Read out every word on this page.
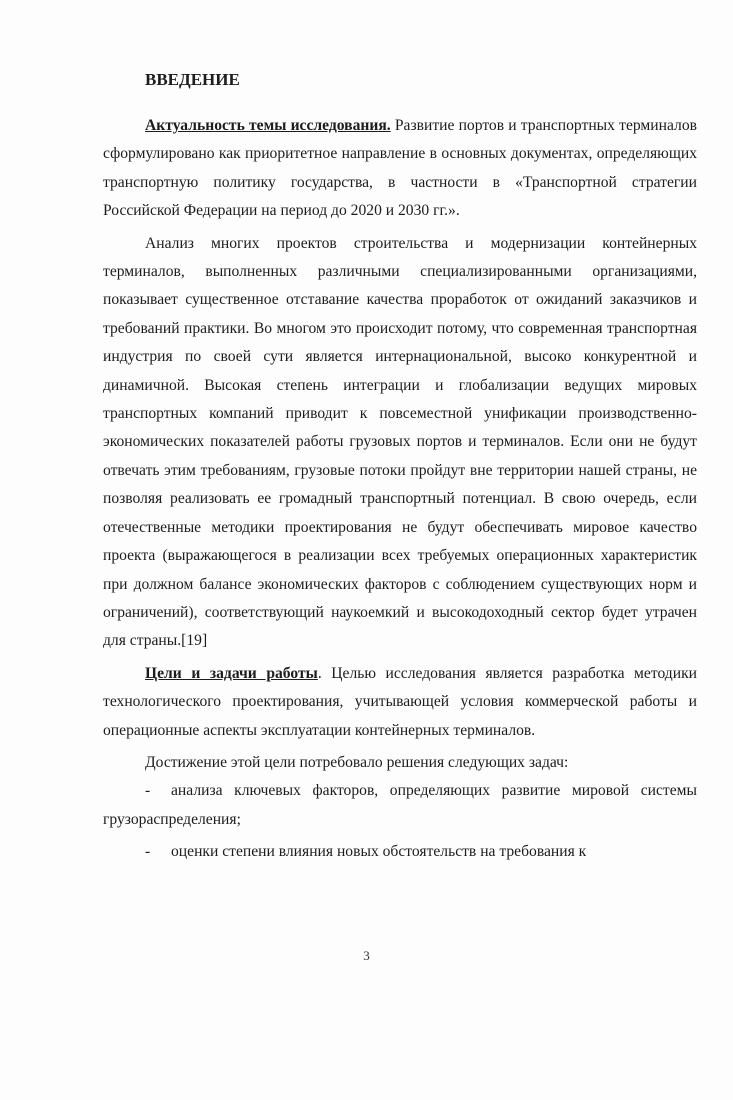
ВВЕДЕНИЕ

Актуальность темы исследования. Развитие портов и транспортных терминалов сформулировано как приоритетное направление в основных документах, определяющих транспортную политику государства, в частности в «Транспортной стратегии Российской Федерации на период до 2020 и 2030 гг.».

Анализ многих проектов строительства и модернизации контейнерных терминалов, выполненных различными специализированными организациями, показывает существенное отставание качества проработок от ожиданий заказчиков и требований практики. Во многом это происходит потому, что современная транспортная индустрия по своей сути является интернациональной, высоко конкурентной и динамичной. Высокая степень интеграции и глобализации ведущих мировых транспортных компаний приводит к повсеместной унификации производственно-экономических показателей работы грузовых портов и терминалов. Если они не будут отвечать этим требованиям, грузовые потоки пройдут вне территории нашей страны, не позволяя реализовать ее громадный транспортный потенциал. В свою очередь, если отечественные методики проектирования не будут обеспечивать мировое качество проекта (выражающегося в реализации всех требуемых операционных характеристик при должном балансе экономических факторов с соблюдением существующих норм и ограничений), соответствующий наукоемкий и высокодоходный сектор будет утрачен для страны.[19]

Цели и задачи работы. Целью исследования является разработка методики технологического проектирования, учитывающей условия коммерческой работы и операционные аспекты эксплуатации контейнерных терминалов.

Достижение этой цели потребовало решения следующих задач:

- анализа ключевых факторов, определяющих развитие мировой системы грузораспределения;

- оценки степени влияния новых обстоятельств на требования к

3
